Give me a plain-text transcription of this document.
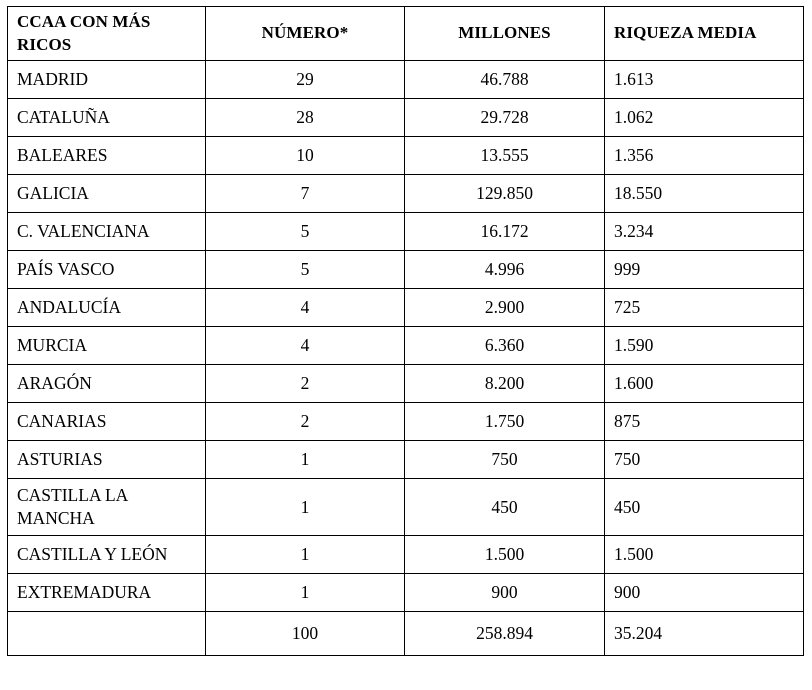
CCAA CON MÁS RICOS	NÚMERO*	MILLONES	RIQUEZA MEDIA
MADRID	29	46.788	1.613
CATALUÑA	28	29.728	1.062
BALEARES	10	13.555	1.356
GALICIA	7	129.850	18.550
C. VALENCIANA	5	16.172	3.234
PAÍS VASCO	5	4.996	999
ANDALUCÍA	4	2.900	725
MURCIA	4	6.360	1.590
ARAGÓN	2	8.200	1.600
CANARIAS	2	1.750	875
ASTURIAS	1	750	750
CASTILLA LA MANCHA	1	450	450
CASTILLA Y LEÓN	1	1.500	1.500
EXTREMADURA	1	900	900
	100	258.894	35.204
